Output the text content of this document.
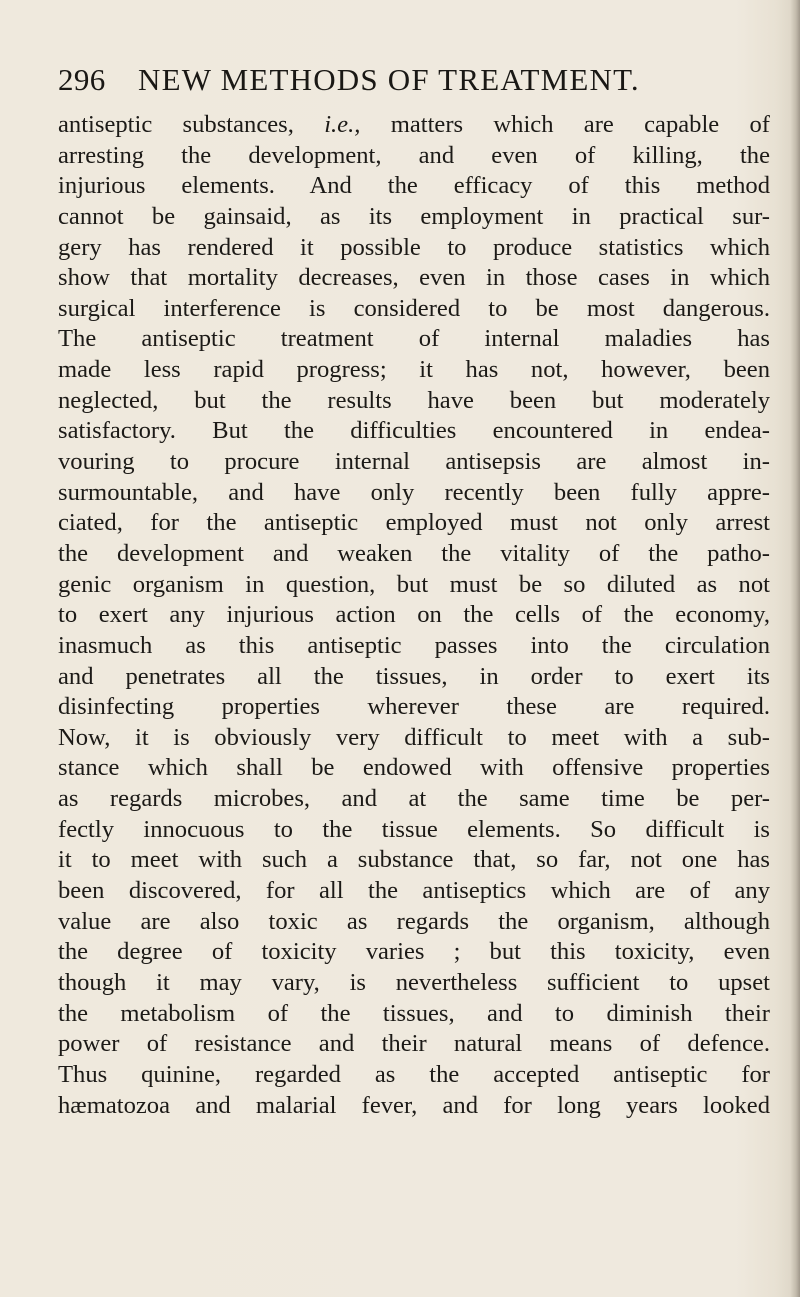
296 NEW METHODS OF TREATMENT.
antiseptic substances, i.e., matters which are capable of
arresting the development, and even of killing, the
injurious elements. And the efficacy of this method
cannot be gainsaid, as its employment in practical sur-
gery has rendered it possible to produce statistics which
show that mortality decreases, even in those cases in which
surgical interference is considered to be most dangerous.
The antiseptic treatment of internal maladies has
made less rapid progress; it has not, however, been
neglected, but the results have been but moderately
satisfactory. But the difficulties encountered in endea-
vouring to procure internal antisepsis are almost in-
surmountable, and have only recently been fully appre-
ciated, for the antiseptic employed must not only arrest
the development and weaken the vitality of the patho-
genic organism in question, but must be so diluted as not
to exert any injurious action on the cells of the economy,
inasmuch as this antiseptic passes into the circulation
and penetrates all the tissues, in order to exert its
disinfecting properties wherever these are required.
Now, it is obviously very difficult to meet with a sub-
stance which shall be endowed with offensive properties
as regards microbes, and at the same time be per-
fectly innocuous to the tissue elements. So difficult is
it to meet with such a substance that, so far, not one has
been discovered, for all the antiseptics which are of any
value are also toxic as regards the organism, although
the degree of toxicity varies ; but this toxicity, even
though it may vary, is nevertheless sufficient to upset
the metabolism of the tissues, and to diminish their
power of resistance and their natural means of defence.
Thus quinine, regarded as the accepted antiseptic for
hæmatozoa and malarial fever, and for long years looked
